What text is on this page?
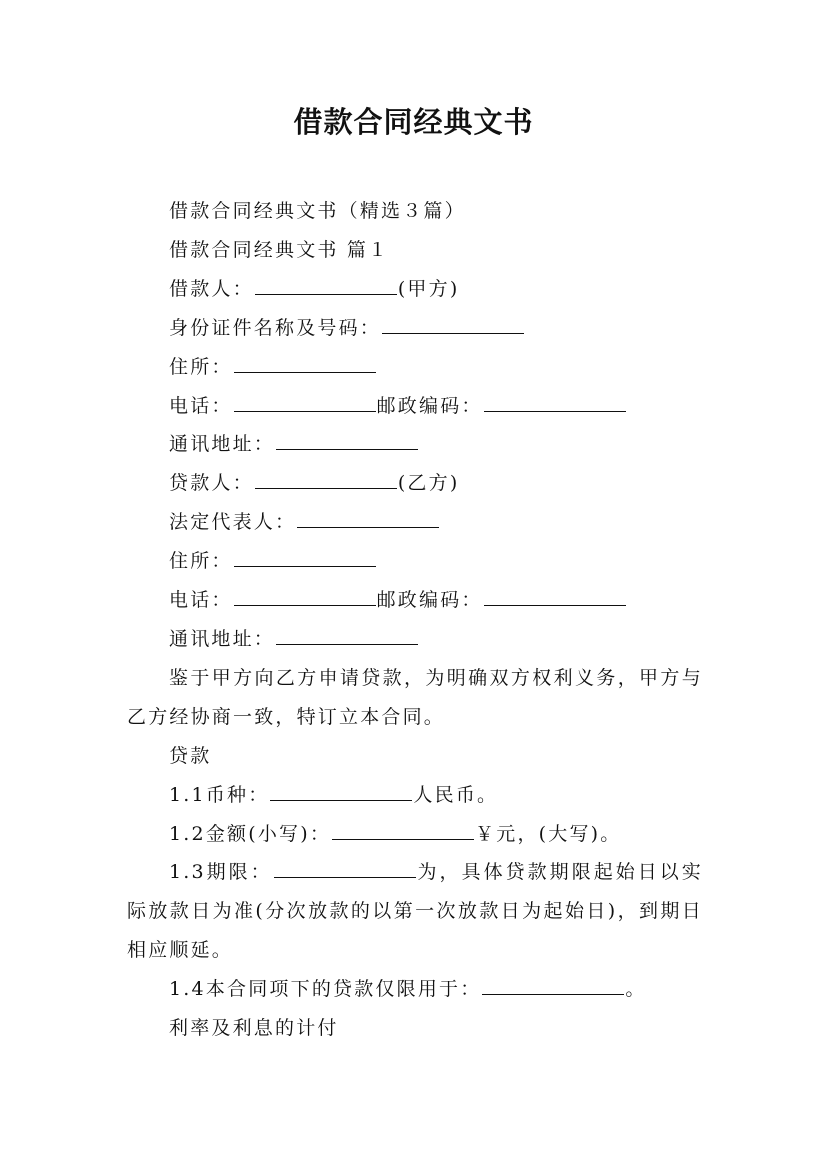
借款合同经典文书
借款合同经典文书（精选３篇）
借款合同经典文书 篇１
借款人：	(甲方)
身份证件名称及号码：
住所：
电话：	邮政编码：
通讯地址：
贷款人：	(乙方)
法定代表人：
住所：
电话：	邮政编码：
通讯地址：
鉴于甲方向乙方申请贷款，为明确双方权利义务，甲方与乙方经协商一致，特订立本合同。
贷款
1.1币种：	人民币。
1.2金额(小写)：	￥元，(大写)。
1.3期限：	为，具体贷款期限起始日以实际放款日为准(分次放款的以第一次放款日为起始日)，到期日相应顺延。
1.4本合同项下的贷款仅限用于：	。
利率及利息的计付
